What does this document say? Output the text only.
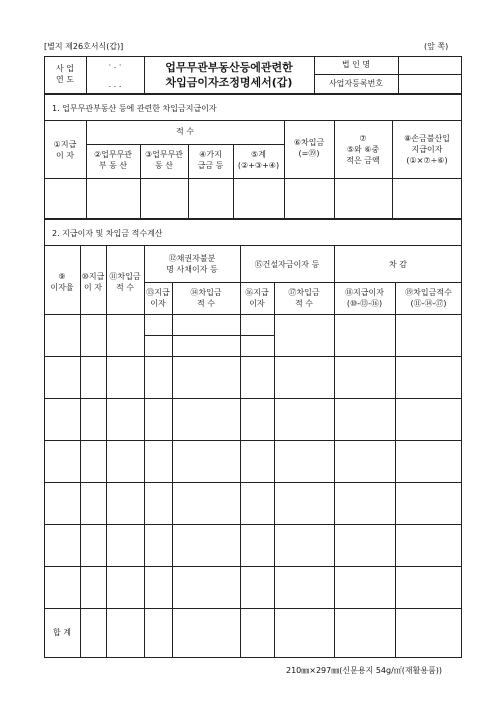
[별지 제26호서식(갑)]	(앞 쪽)
사 업
연 도
· . ·
. . .
업무무관부동산등에관련한
차입금이자조정명세서(갑)
법 인 명
사업자등록번호
1. 업무무관부동산 등에 관련한 차입금지급이자
①지급
이 자
적 수
②업무무관
부 동 산
③업무무관
동 산
④가지
급금 등
⑤계
(②+③+④)
⑥차입금
(=⑲)
⑦
⑤와 ⑥중
적은 금액
⑧손금불산입
지급이자
(①×⑦÷⑥)
2. 지급이자 및 차입금 적수계산
⑨
이자율
⑩지급
이 자
⑪차입금
적 수
⑫채권자불분
명 사채이자 등
⑮건설자금이자 등	차 감
⑬지급
이자
⑭차입금
적 수
⑯지급
이자
⑰차입금
적 수
⑱지급이자
(⑩-⑬-⑯)
⑲차입금적수
(⑪-⑭-⑰)
합 계
210㎜×297㎜(신문용지 54g/㎡(재활용품))
